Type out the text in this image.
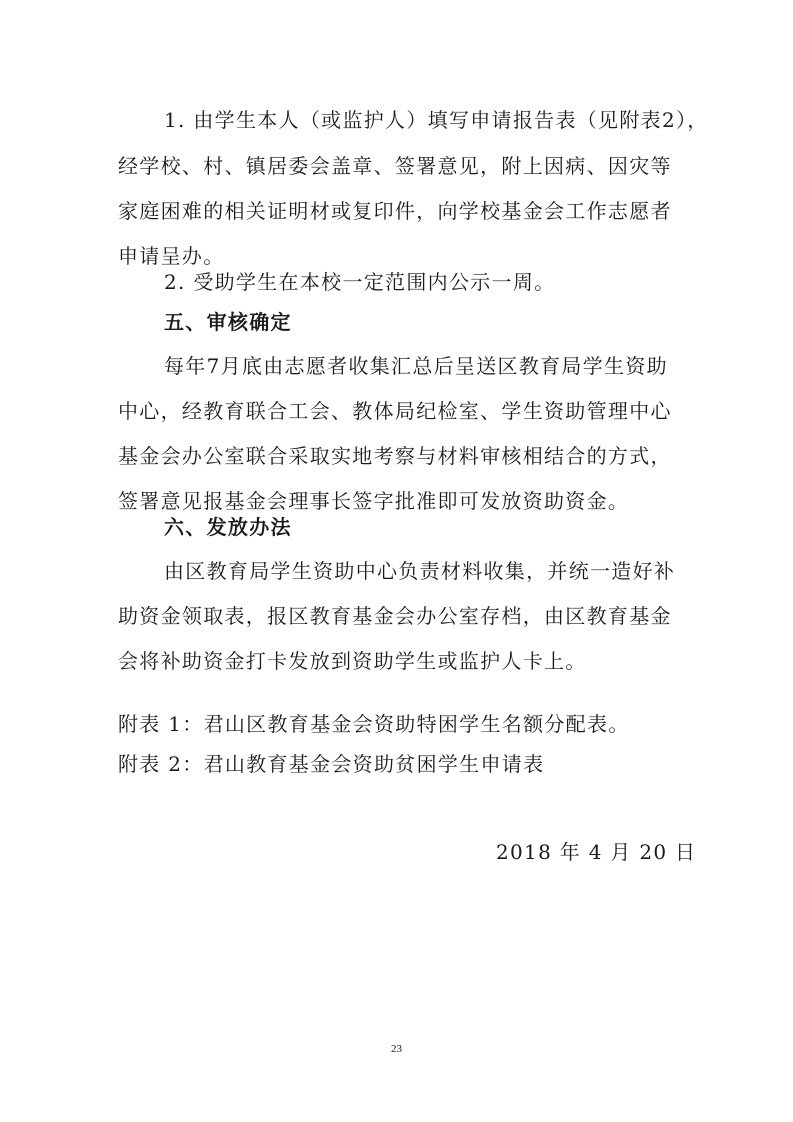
1. 由学生本人（或监护人）填写申请报告表（见附表2），
经学校、村、镇居委会盖章、签署意见，附上因病、因灾等
家庭困难的相关证明材或复印件，向学校基金会工作志愿者
申请呈办。
2. 受助学生在本校一定范围内公示一周。
五、审核确定
每年7月底由志愿者收集汇总后呈送区教育局学生资助
中心，经教育联合工会、教体局纪检室、学生资助管理中心
基金会办公室联合采取实地考察与材料审核相结合的方式，
签署意见报基金会理事长签字批准即可发放资助资金。
六、发放办法
由区教育局学生资助中心负责材料收集，并统一造好补
助资金领取表，报区教育基金会办公室存档，由区教育基金
会将补助资金打卡发放到资助学生或监护人卡上。
附表 1：君山区教育基金会资助特困学生名额分配表。
附表 2：君山教育基金会资助贫困学生申请表
2018 年 4 月 20 日
23
